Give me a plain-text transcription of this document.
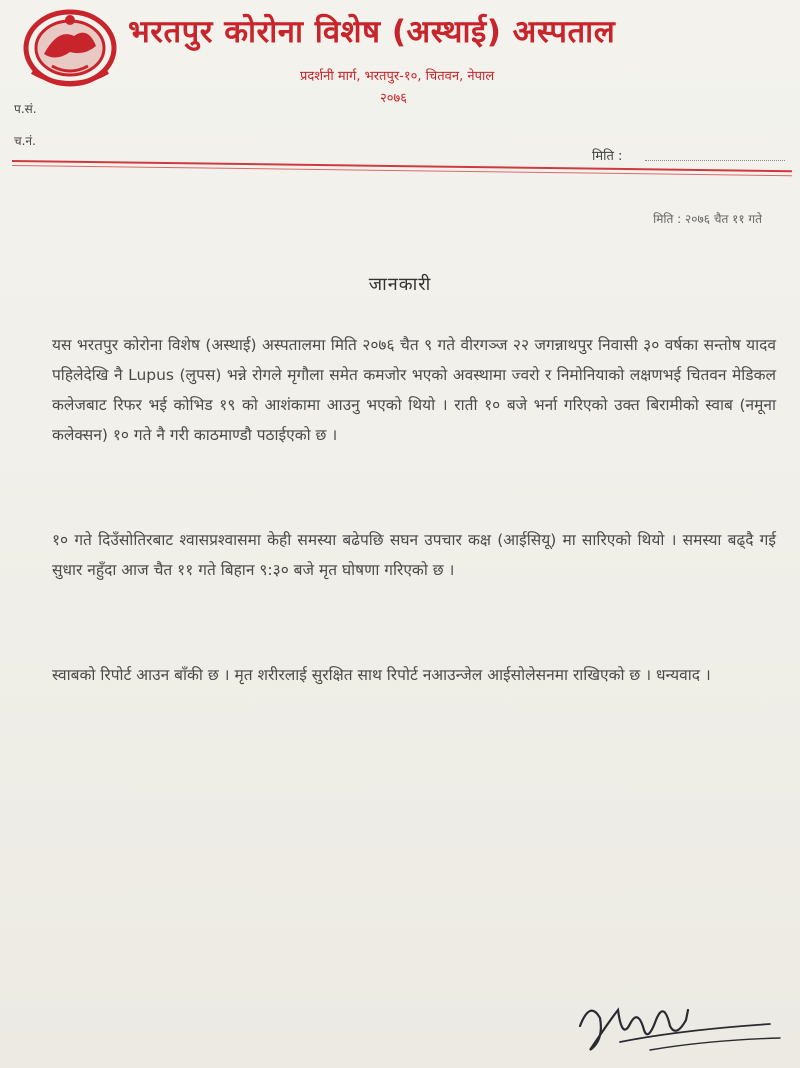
भरतपुर कोरोना विशेष (अस्थाई) अस्पताल
प्रदर्शनी मार्ग, भरतपुर-१०, चितवन, नेपाल
२०७६
प.सं.
च.नं.
मिति :
मिति : २०७६ चैत ११ गते
जानकारी
यस भरतपुर कोरोना विशेष (अस्थाई) अस्पतालमा मिति २०७६ चैत ९ गते वीरगञ्ज २२ जगन्नाथपुर निवासी ३० वर्षका सन्तोष यादव पहिलेदेखि नै Lupus (लुपस) भन्ने रोगले मृगौला समेत कमजोर भएको अवस्थामा ज्वरो र निमोनियाको लक्षणभई चितवन मेडिकल कलेजबाट रिफर भई कोभिड १९ को आशंकामा आउनु भएको थियो । राती १० बजे भर्ना गरिएको उक्त बिरामीको स्वाब (नमूना कलेक्सन) १० गते नै गरी काठमाण्डौ पठाईएको छ ।
१० गते दिउँसोतिरबाट श्वासप्रश्वासमा केही समस्या बढेपछि सघन उपचार कक्ष (आईसियू) मा सारिएको थियो । समस्या बढ्दै गई सुधार नहुँदा आज चैत ११ गते बिहान ९:३० बजे मृत घोषणा गरिएको छ ।
स्वाबको रिपोर्ट आउन बाँकी छ । मृत शरीरलाई सुरक्षित साथ रिपोर्ट नआउन्जेल आईसोलेसनमा राखिएको छ । धन्यवाद ।
